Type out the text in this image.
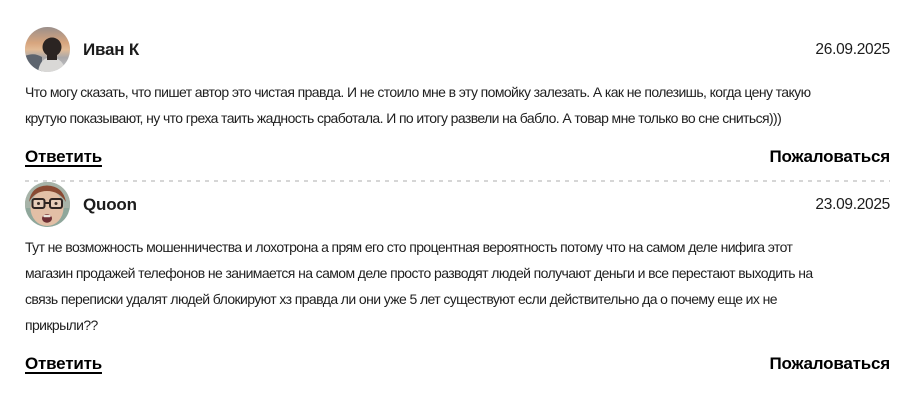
Иван К	26.09.2025
Что могу сказать, что пишет автор это чистая правда. И не стоило мне в эту помойку залезать. А как не полезишь, когда цену такую
крутую показывают, ну что греха таить жадность сработала. И по итогу развели на бабло. А товар мне только во сне сниться)))
Ответить	Пожаловаться
Quoon	23.09.2025
Тут не возможность мошенничества и лохотрона а прям его сто процентная вероятность потому что на самом деле нифига этот
магазин продажей телефонов не занимается на самом деле просто разводят людей получают деньги и все перестают выходить на
связь переписки удалят людей блокируют хз правда ли они уже 5 лет существуют если действительно да о почему еще их не
прикрыли??
Ответить	Пожаловаться
